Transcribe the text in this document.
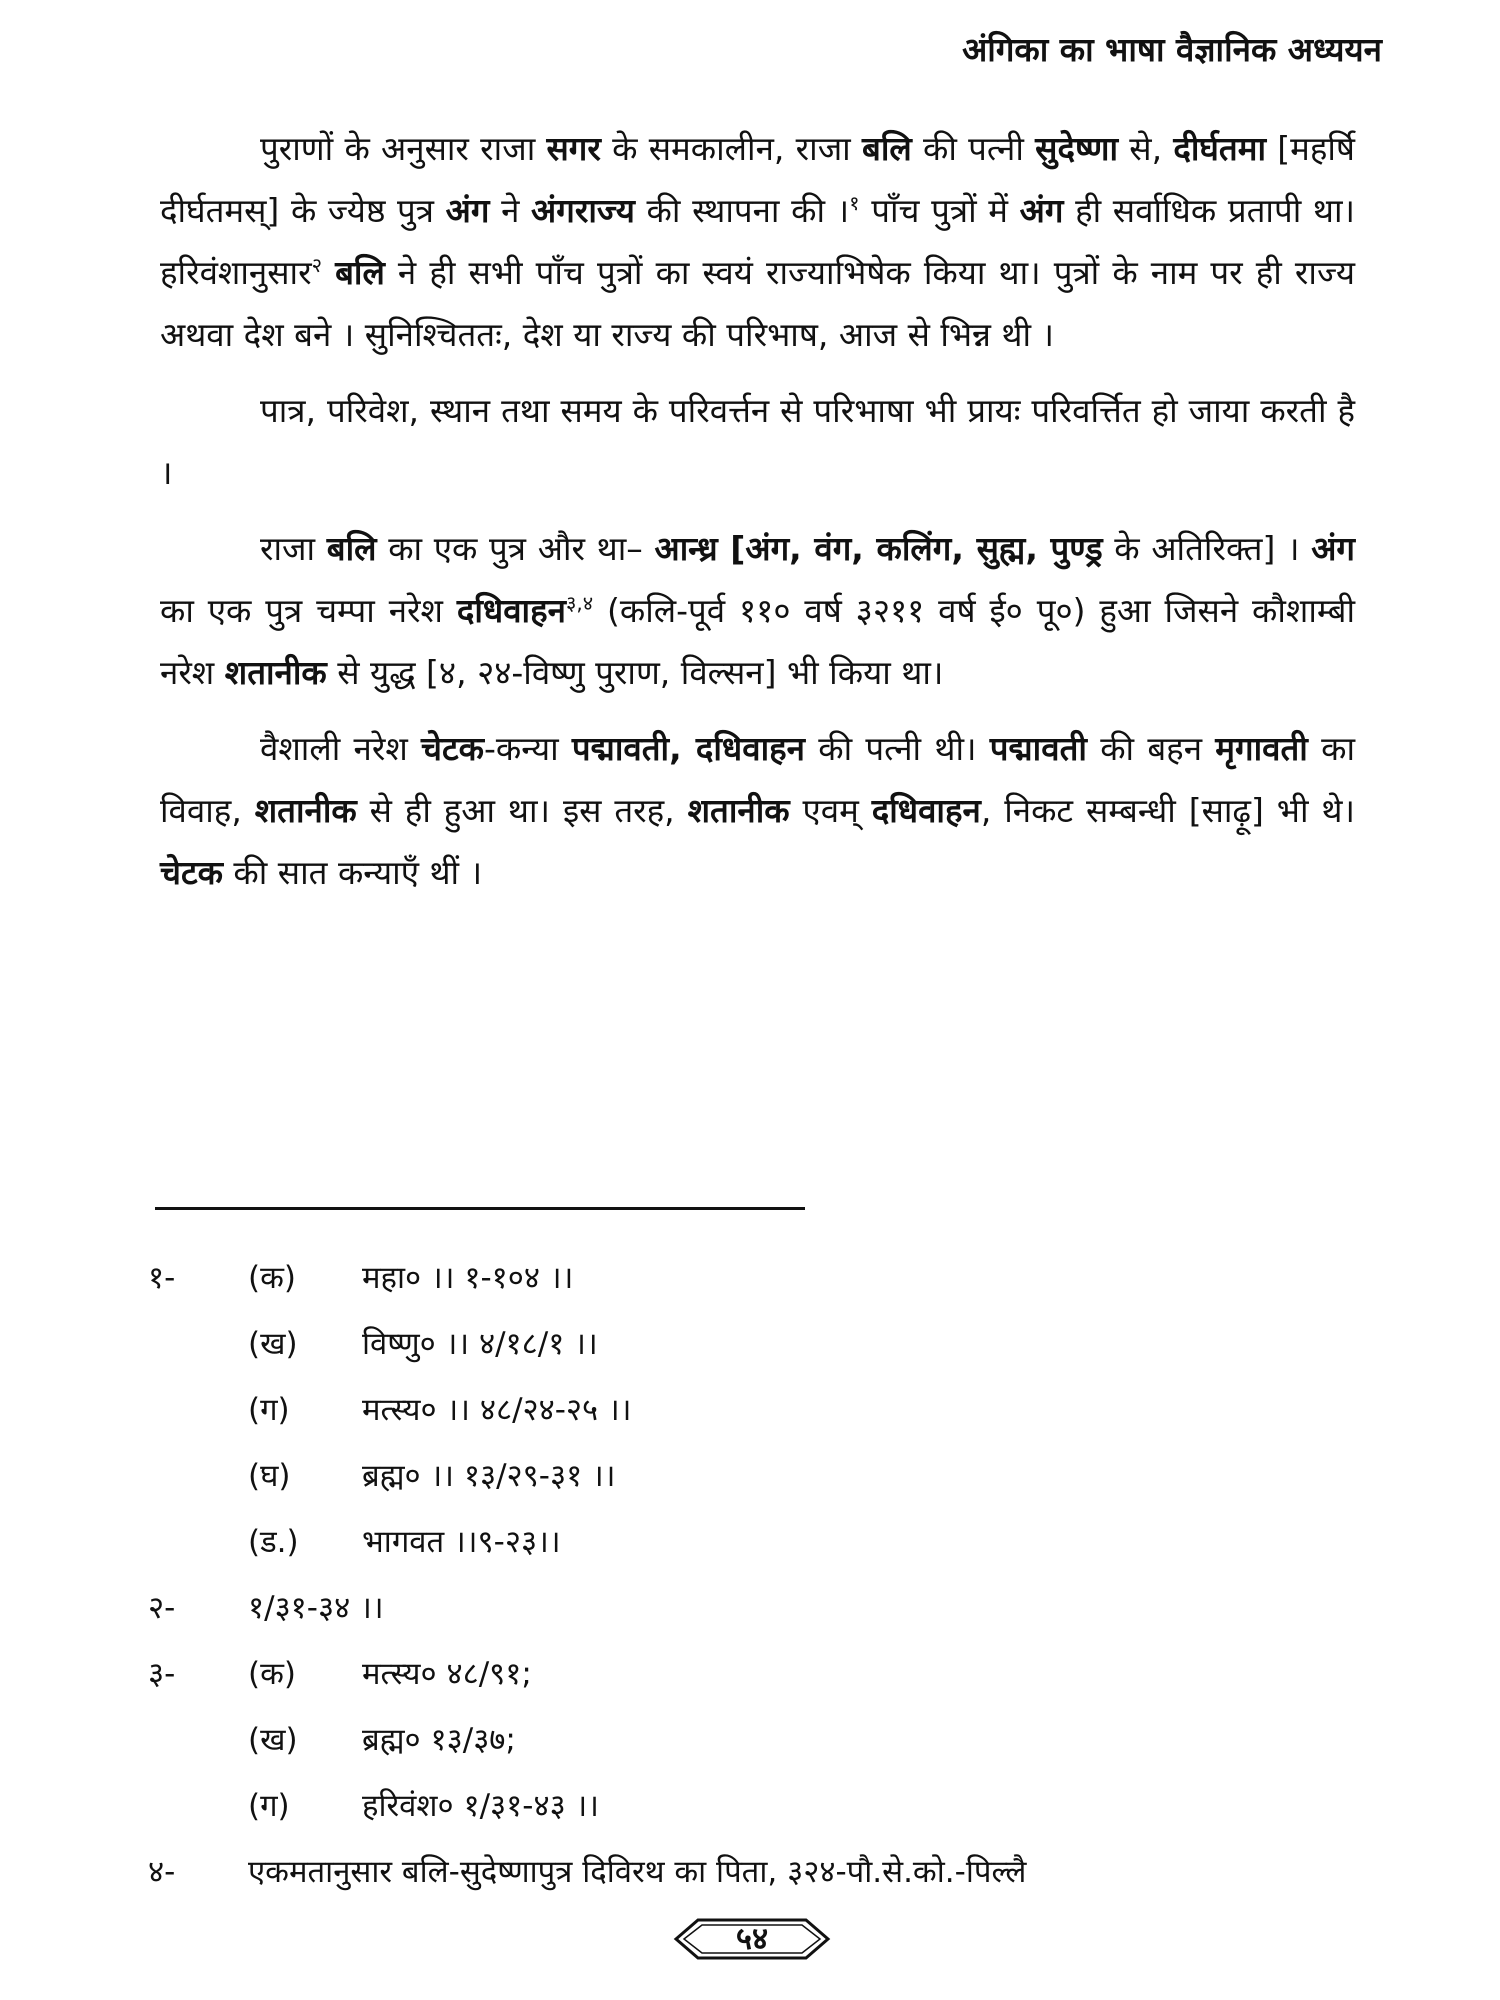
अंगिका का भाषा वैज्ञानिक अध्ययन

पुराणों के अनुसार राजा सगर के समकालीन, राजा बलि की पत्नी सुदेष्णा से, दीर्घतमा [महर्षि दीर्घतमस्] के ज्येष्ठ पुत्र अंग ने अंगराज्य की स्थापना की ।$^१$ पाँच पुत्रों में अंग ही सर्वाधिक प्रतापी था। हरिवंशानुसार$^२$ बलि ने ही सभी पाँच पुत्रों का स्वयं राज्याभिषेक किया था। पुत्रों के नाम पर ही राज्य अथवा देश बने । सुनिश्चिततः, देश या राज्य की परिभाष, आज से भिन्न थी ।

पात्र, परिवेश, स्थान तथा समय के परिवर्त्तन से परिभाषा भी प्रायः परिवर्त्तित हो जाया करती है ।

राजा बलि का एक पुत्र और था– आन्ध्र [अंग, वंग, कलिंग, सुह्म, पुण्ड्र के अतिरिक्त] । अंग का एक पुत्र चम्पा नरेश दधिवाहन$^{३,४}$ (कलि-पूर्व ११० वर्ष ३२११ वर्ष ई० पू०) हुआ जिसने कौशाम्बी नरेश शतानीक से युद्ध [४, २४-विष्णु पुराण, विल्सन] भी किया था।

वैशाली नरेश चेटक-कन्या पद्मावती, दधिवाहन की पत्नी थी। पद्मावती की बहन मृगावती का विवाह, शतानीक से ही हुआ था। इस तरह, शतानीक एवम् दधिवाहन, निकट सम्बन्धी [साढ़ू] भी थे। चेटक की सात कन्याएँ थीं ।

१- (क) महा० ।। १-१०४ ।।
(ख) विष्णु० ।। ४/१८/१ ।।
(ग) मत्स्य० ।। ४८/२४-२५ ।।
(घ) ब्रह्म० ।। १३/२९-३१ ।।
(ड.) भागवत ।।९-२३।।
२- १/३१-३४ ।।
३- (क) मत्स्य० ४८/९१;
(ख) ब्रह्म० १३/३७;
(ग) हरिवंश० १/३१-४३ ।।
४- एकमतानुसार बलि-सुदेष्णापुत्र दिविरथ का पिता, ३२४-पौ.से.को.-पिल्लै
५४
